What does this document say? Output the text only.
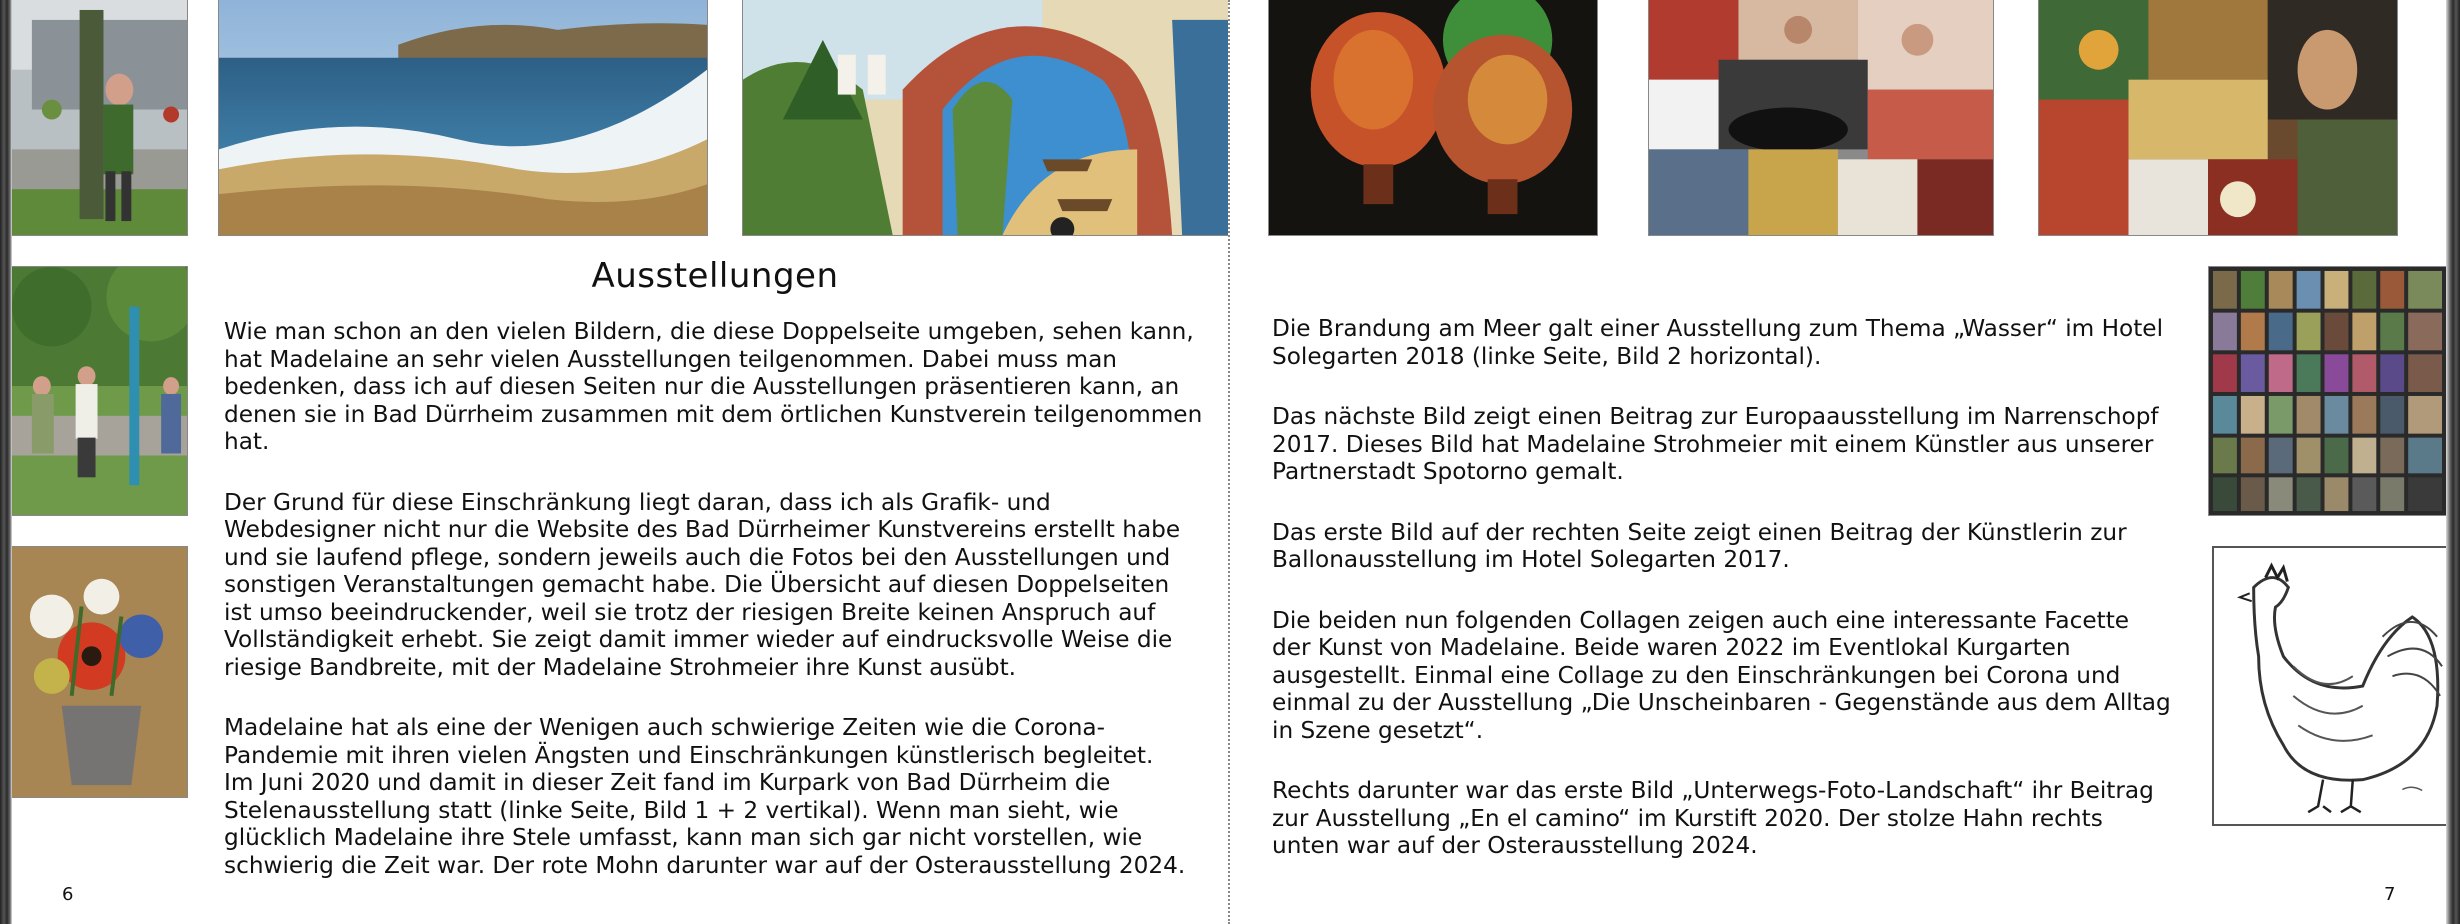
Ausstellungen

Wie man schon an den vielen Bildern, die diese Doppelseite umgeben, sehen kann, hat Madelaine an sehr vielen Ausstellungen teilgenommen. Dabei muss man bedenken, dass ich auf diesen Seiten nur die Ausstellungen präsentieren kann, an denen sie in Bad Dürrheim zusammen mit dem örtlichen Kunstverein teilgenommen hat.

Der Grund für diese Einschränkung liegt daran, dass ich als Grafik- und Webdesigner nicht nur die Website des Bad Dürrheimer Kunstvereins erstellt habe und sie laufend pflege, sondern jeweils auch die Fotos bei den Ausstellungen und sonstigen Veranstaltungen gemacht habe. Die Übersicht auf diesen Doppelseiten ist umso beeindruckender, weil sie trotz der riesigen Breite keinen Anspruch auf Vollständigkeit erhebt. Sie zeigt damit immer wieder auf eindrucksvolle Weise die riesige Bandbreite, mit der Madelaine Strohmeier ihre Kunst ausübt.

Madelaine hat als eine der Wenigen auch schwierige Zeiten wie die Corona-Pandemie mit ihren vielen Ängsten und Einschränkungen künstlerisch begleitet.

Im Juni 2020 und damit in dieser Zeit fand im Kurpark von Bad Dürrheim die Stelenausstellung statt (linke Seite, Bild 1 + 2 vertikal). Wenn man sieht, wie glücklich Madelaine ihre Stele umfasst, kann man sich gar nicht vorstellen, wie schwierig die Zeit war. Der rote Mohn darunter war auf der Osterausstellung 2024.

6

Die Brandung am Meer galt einer Ausstellung zum Thema „Wasser“ im Hotel Solegarten 2018 (linke Seite, Bild 2 horizontal).

Das nächste Bild zeigt einen Beitrag zur Europaausstellung im Narrenschopf 2017. Dieses Bild hat Madelaine Strohmeier mit einem Künstler aus unserer Partnerstadt Spotorno gemalt.

Das erste Bild auf der rechten Seite zeigt einen Beitrag der Künstlerin zur Ballonausstellung im Hotel Solegarten 2017.

Die beiden nun folgenden Collagen zeigen auch eine interessante Facette der Kunst von Madelaine. Beide waren 2022 im Eventlokal Kurgarten ausgestellt. Einmal eine Collage zu den Einschränkungen bei Corona und einmal zu der Ausstellung „Die Unscheinbaren - Gegenstände aus dem Alltag in Szene gesetzt“.

Rechts darunter war das erste Bild „Unterwegs-Foto-Landschaft“ ihr Beitrag zur Ausstellung „En el camino“ im Kurstift 2020. Der stolze Hahn rechts unten war auf der Osterausstellung 2024.

7
